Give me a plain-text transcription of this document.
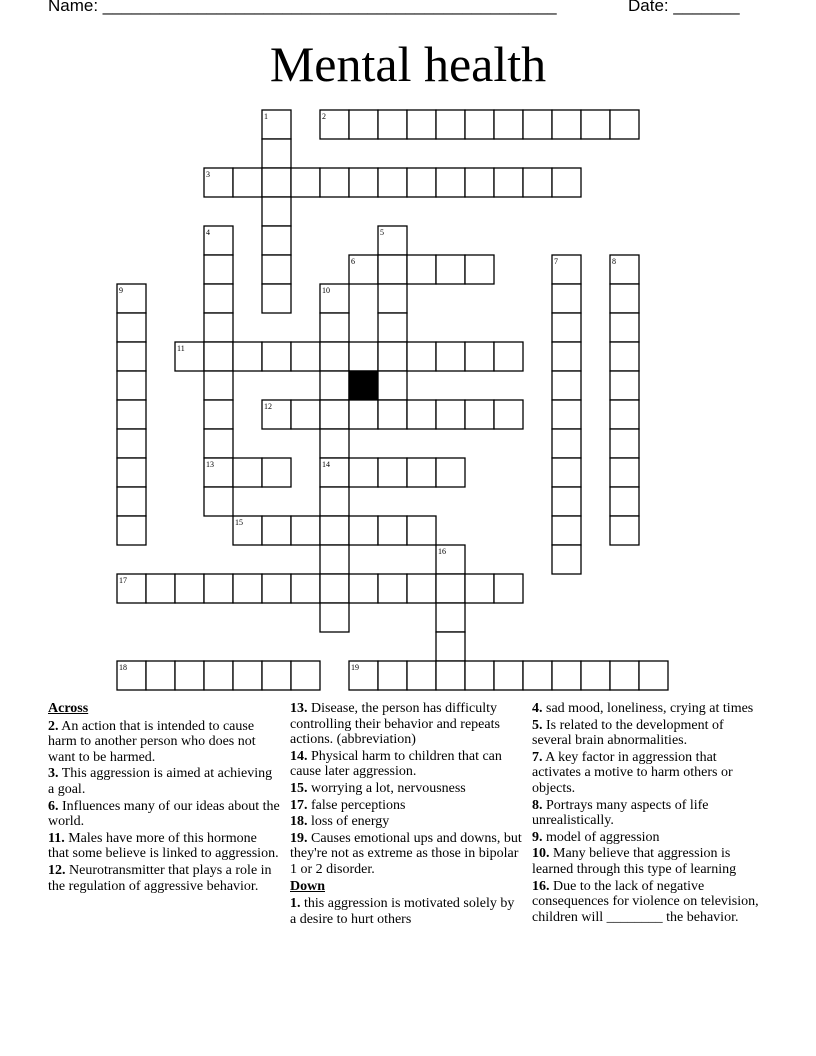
Name: ________________________________________________	Date: _______
Mental health
1	2
3
4	5
6	7	8
9	10
11
12
13	14
15
16
17
18	19
Across
2. An action that is intended to cause harm to another person who does not want to be harmed.
3. This aggression is aimed at achieving a goal.
6. Influences many of our ideas about the world.
11. Males have more of this hormone that some believe is linked to aggression.
12. Neurotransmitter that plays a role in the regulation of aggressive behavior.
13. Disease, the person has difficulty controlling their behavior and repeats actions. (abbreviation)
14. Physical harm to children that can cause later aggression.
15. worrying a lot, nervousness
17. false perceptions
18. loss of energy
19. Causes emotional ups and downs, but they're not as extreme as those in bipolar 1 or 2 disorder.
Down
1. this aggression is motivated solely by a desire to hurt others
4. sad mood, loneliness, crying at times
5. Is related to the development of several brain abnormalities.
7. A key factor in aggression that activates a motive to harm others or objects.
8. Portrays many aspects of life unrealistically.
9. model of aggression
10. Many believe that aggression is learned through this type of learning
16. Due to the lack of negative consequences for violence on television, children will ________ the behavior.
